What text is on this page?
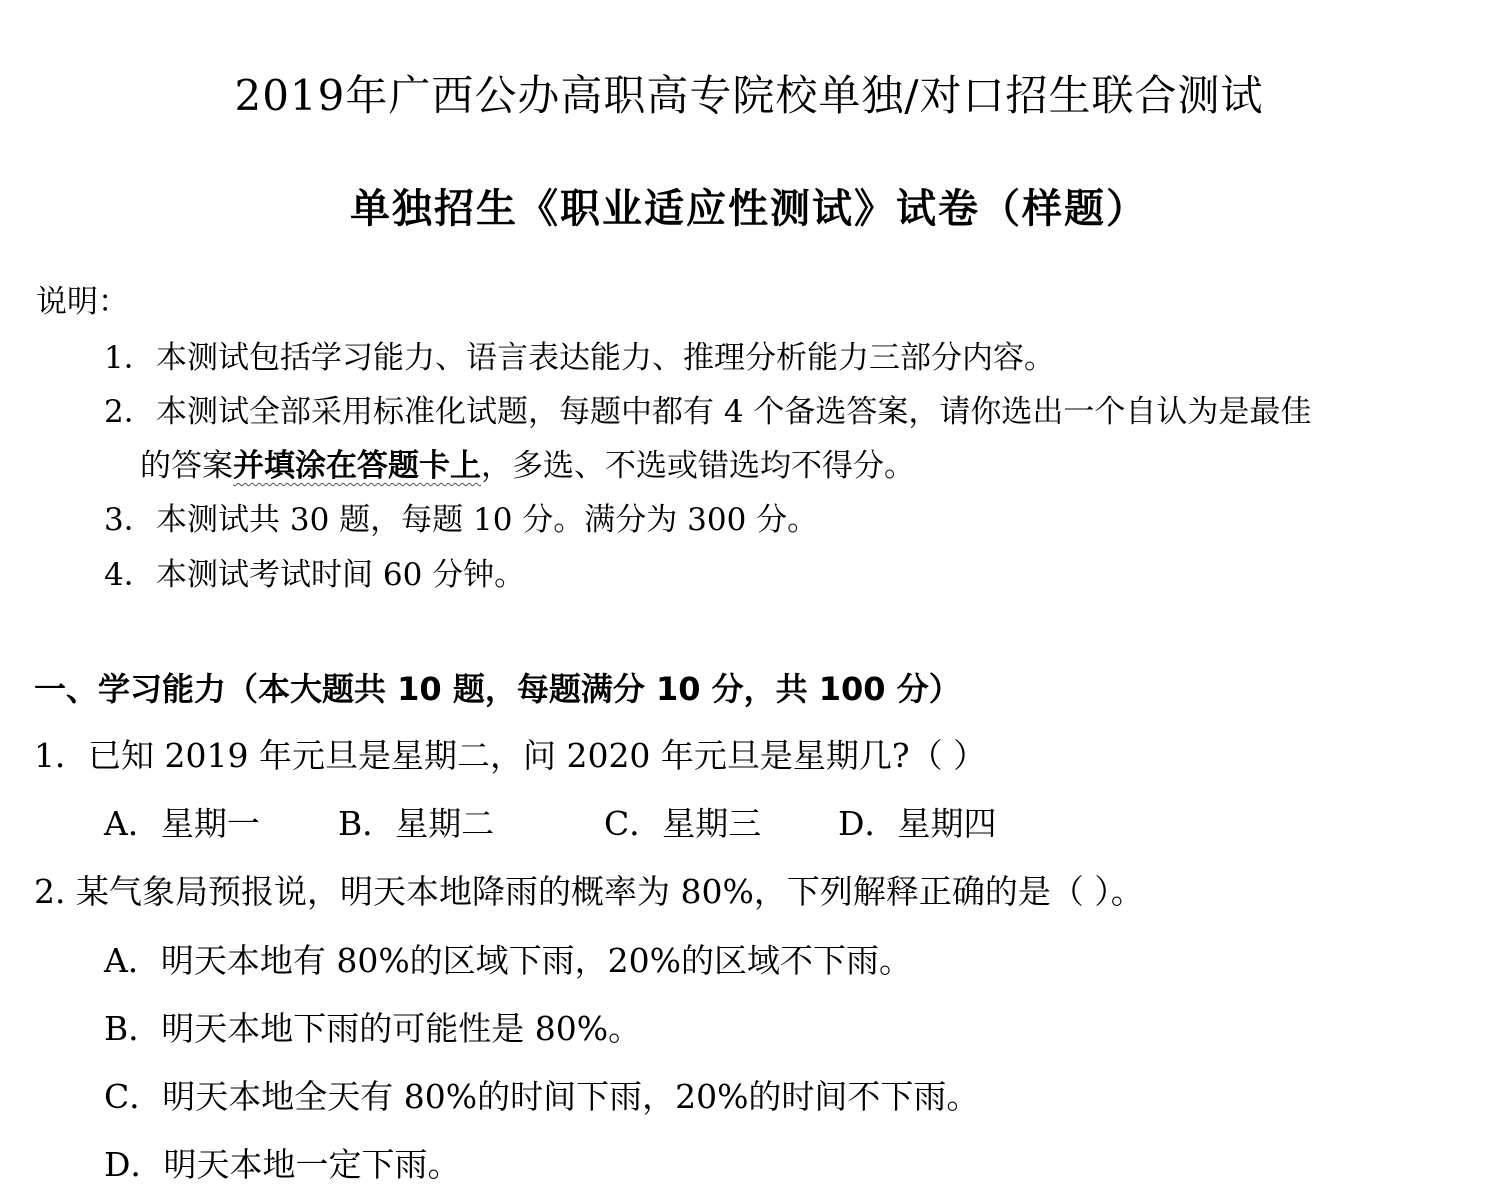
2019年广西公办高职高专院校单独/对口招生联合测试
单独招生《职业适应性测试》试卷（样题）
说明：
1．本测试包括学习能力、语言表达能力、推理分析能力三部分内容。
2．本测试全部采用标准化试题，每题中都有 4 个备选答案，请你选出一个自认为是最佳
的答案并填涂在答题卡上，多选、不选或错选均不得分。
3．本测试共 30 题，每题 10 分。满分为 300 分。
4．本测试考试时间 60 分钟。
一、学习能力（本大题共 10 题，每题满分 10 分，共 100 分）
1．已知 2019 年元旦是星期二，问 2020 年元旦是星期几?（ ）
A．星期一 B．星期二	C．星期三 D．星期四
2. 某气象局预报说，明天本地降雨的概率为 80%，下列解释正确的是（ ）。
A．明天本地有 80%的区域下雨，20%的区域不下雨。
B．明天本地下雨的可能性是 80%。
C．明天本地全天有 80%的时间下雨，20%的时间不下雨。
D．明天本地一定下雨。
